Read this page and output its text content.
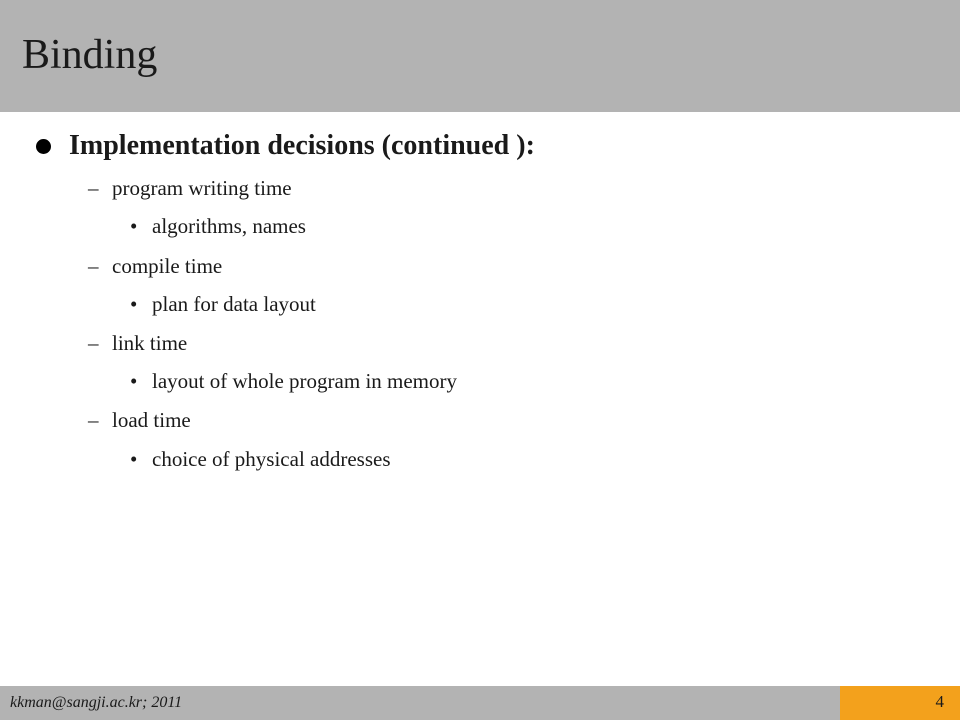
Binding
Implementation decisions (continued ):
– program writing time
• algorithms, names
– compile time
• plan for data layout
– link time
• layout of whole program in memory
– load time
• choice of physical addresses
kkman@sangji.ac.kr; 2011	4
